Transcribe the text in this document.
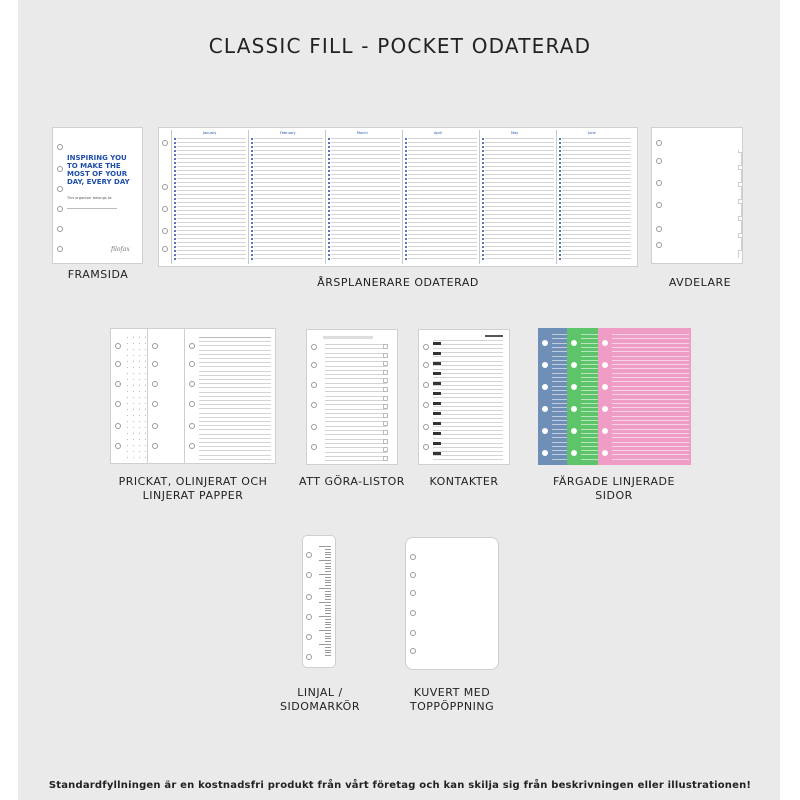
CLASSIC FILL - POCKET ODATERAD
INSPIRING YOU TO MAKE THE MOST OF YOUR DAY, EVERY DAY
This organiser belongs to:
filofax
FRAMSIDA
January	February	March	April	May	June
ÅRSPLANERARE ODATERAD	AVDELARE
PRICKAT, OLINJERAT OCH LINJERAT PAPPER
ATT GÖRA-LISTOR	KONTAKTER	FÄRGADE LINJERADE SIDOR
LINJAL / SIDOMARKÖR
KUVERT MED TOPPÖPPNING
Standardfyllningen är en kostnadsfri produkt från vårt företag och kan skilja sig från beskrivningen eller illustrationen!
